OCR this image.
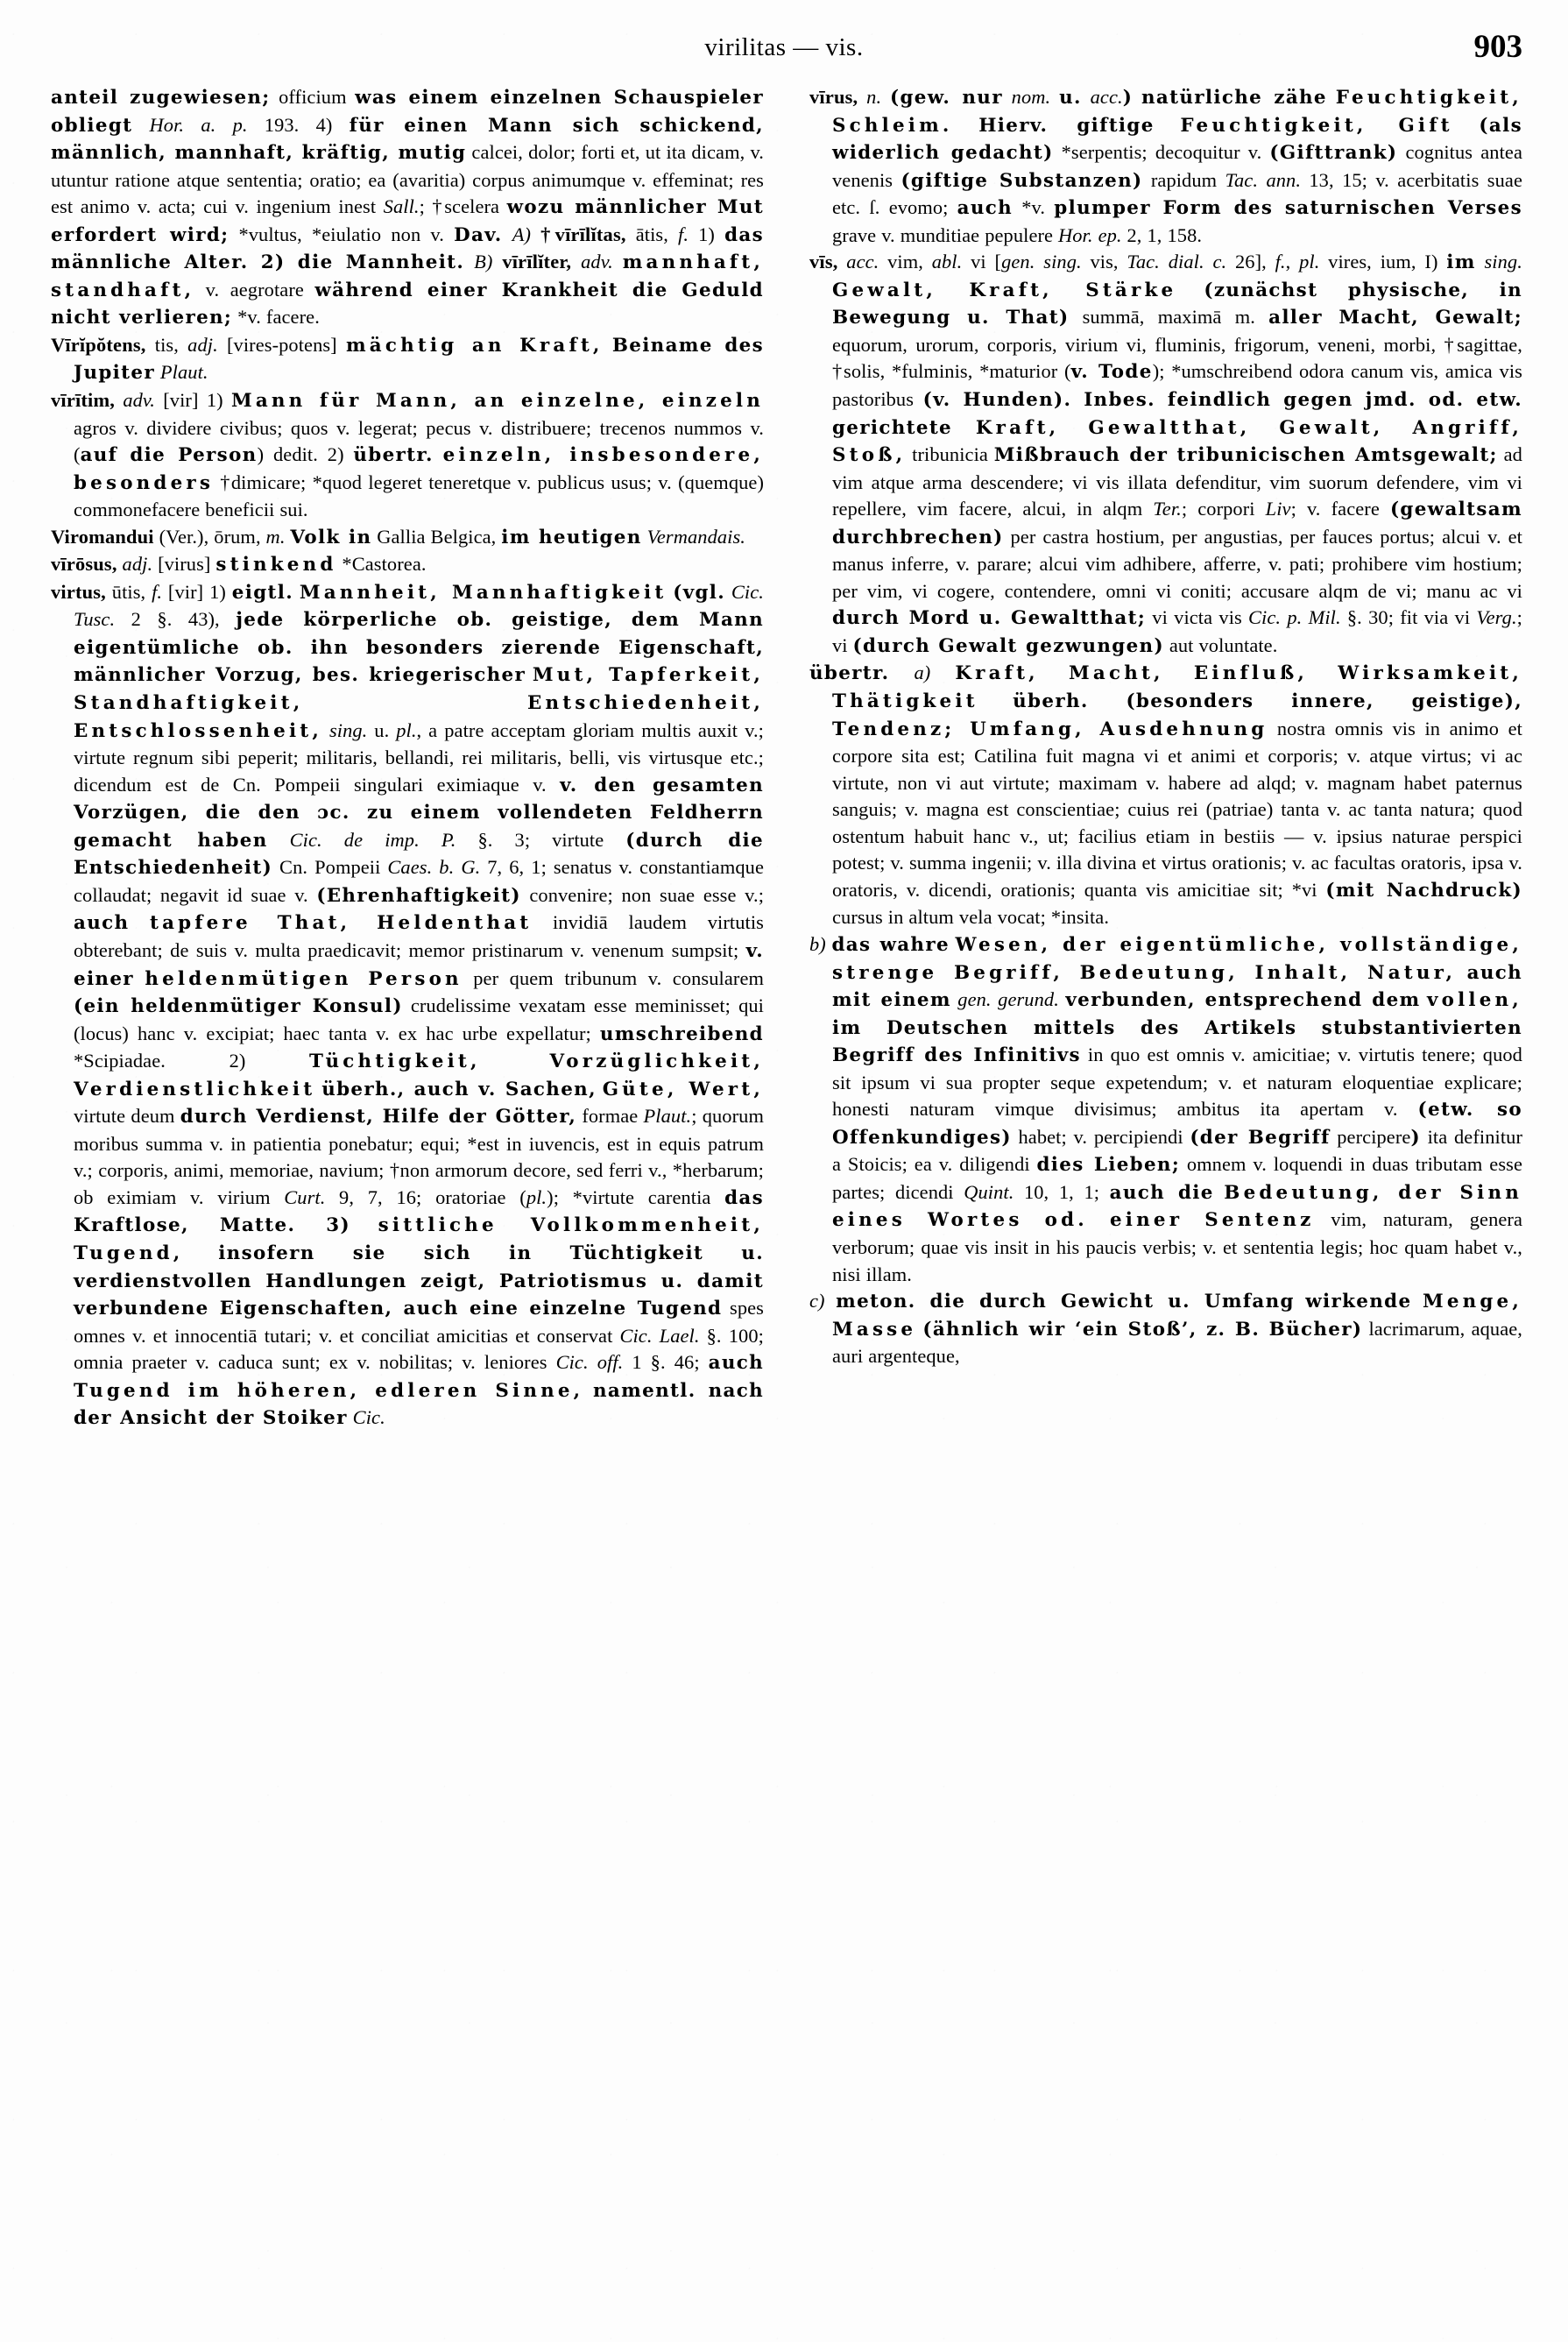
virilitas — vis.	903

anteil zugewiesen; officium was einem einzelnen Schauspieler obliegt Hor. a. p. 193. 4) für einen Mann sich schickend, männlich, mannhaft, kräftig, mutig calcei, dolor; forti et, ut ita dicam, v. utuntur ratione atque sententia; oratio; ea (avaritia) corpus animumque v. effeminat; res est animo v. acta; cui v. ingenium inest Sall.; †scelera wozu männlicher Mut erfordert wird; *vultus, *eiulatio non v. Dav. A) †vīrīlĭtas, ātis, f. 1) das männliche Alter. 2) die Mannheit. B) vīrīlĭter, adv. mannhaft, standhaft, v. aegrotare während einer Krankheit die Geduld nicht verlieren; *v. facere.

Vīrĭpŏtens, tis, adj. [vires-potens] mächtig an Kraft, Beiname des Jupiter Plaut.

vīrītim, adv. [vir] 1) Mann für Mann, an einzelne, einzeln agros v. dividere civibus; quos v. legerat; pecus v. distribuere; trecenos nummos v. (auf die Person) dedit. 2) übertr. einzeln, insbesondere, besonders †dimicare; *quod legeret teneretque v. publicus usus; v. (quemque) commonefacere beneficii sui.

Viromandui (Ver.), ōrum, m. Volk in Gallia Belgica, im heutigen Vermandais.

vīrōsus, adj. [virus] stinkend *Castorea.

virtus, ūtis, f. [vir] 1) eigtl. Mannheit, Mannhaftigkeit (vgl. Cic. Tusc. 2 §. 43), jede körperliche ob. geistige, dem Mann eigentümliche ob. ihn besonders zierende Eigenschaft, männlicher Vorzug, bes. kriegerischer Mut, Tapferkeit, Standhaftigkeit, Entschiedenheit, Entschlossenheit, sing. u. pl., a patre acceptam gloriam multis auxit v.; virtute regnum sibi peperit; militaris, bellandi, rei militaris, belli, vis virtusque etc.; dicendum est de Cn. Pompeii singulari eximiaque v. v. den gesamten Vorzügen, die den ɔc. zu einem vollendeten Feldherrn gemacht haben Cic. de imp. P. §. 3; virtute (durch die Entschiedenheit) Cn. Pompeii Caes. b. G. 7, 6, 1; senatus v. constantiamque collaudat; negavit id suae v. (Ehrenhaftigkeit) convenire; non suae esse v.; auch tapfere That, Heldenthat invidiā laudem virtutis obterebant; de suis v. multa praedicavit; memor pristinarum v. venenum sumpsit; v. einer heldenmütigen Person per quem tribunum v. consularem (ein heldenmütiger Konsul) crudelissime vexatam esse meminisset; qui (locus) hanc v. excipiat; haec tanta v. ex hac urbe expellatur; umschreibend *Scipiadae. 2)	Tüchtigkeit, Vorzüglichkeit, Verdienstlichkeit überh., auch v. Sachen, Güte, Wert, virtute deum durch Verdienst, Hilfe der Götter, formae Plaut.; quorum moribus summa v. in patientia ponebatur; equi; *est in iuvencis, est in equis patrum v.; corporis, animi, memoriae, navium; †non armorum decore, sed ferri v., *herbarum; ob eximiam v. virium Curt. 9, 7, 16; oratoriae (pl.); *virtute carentia das Kraftlose, Matte. 3) sittliche Vollkommenheit, Tugend, insofern sie sich in Tüchtigkeit u. verdienstvollen Handlungen zeigt, Patriotismus u. damit verbundene Eigenschaften, auch eine einzelne Tugend spes omnes v. et innocentiā tutari; v. et conciliat amicitias et conservat Cic. Lael. §. 100; omnia praeter v. caduca sunt; ex v. nobilitas; v. leniores Cic. off. 1 §. 46; auch Tugend im höheren, edleren Sinne, namentl. nach der Ansicht der Stoiker Cic.

vīrus, n. (gew. nur nom. u. acc.) natürliche zähe Feuchtigkeit, Schleim. Hierv. giftige Feuchtigkeit, Gift (als widerlich gedacht) *serpentis; decoquitur v. (Gifttrank) cognitus antea venenis (giftige Substanzen) rapidum Tac. ann. 13, 15; v. acerbitatis suae etc. ſ. evomo; auch *v. plumper Form des saturnischen Verses grave v. munditiae pepulere Hor. ep. 2, 1, 158.

vīs, acc. vim, abl. vi [gen. sing. vis, Tac. dial. c. 26], f., pl. vires, ium, I) im sing. Gewalt, Kraft, Stärke (zunächst physische, in Bewegung u. That) summā, maximā m. aller Macht, Gewalt; equorum, urorum, corporis, virium vi, fluminis, frigorum, veneni, morbi, †sagittae, †solis, *fulminis, *maturior (v. Tode); *umschreibend odora canum vis, amica vis pastoribus (v. Hunden). Inbes. feindlich gegen jmd. od. etw. gerichtete Kraft, Gewaltthat, Gewalt, Angriff, Stoß, tribunicia Mißbrauch der tribunicischen Amtsgewalt; ad vim atque arma descendere; vi vis illata defenditur, vim suorum defendere, vim vi repellere, vim facere, alcui, in alqm Ter.; corpori Liv; v. facere (gewaltsam durchbrechen) per castra hostium, per angustias, per fauces portus; alcui v. et manus inferre, v. parare; alcui vim adhibere, afferre, v. pati; prohibere vim hostium; per vim, vi cogere, contendere, omni vi coniti; accusare alqm de vi; manu ac vi durch Mord u. Gewaltthat; vi victa vis Cic. p. Mil. §. 30; fit via vi Verg.; vi (durch Gewalt gezwungen) aut voluntate.

übertr. a) Kraft, Macht, Einfluß, Wirksamkeit, Thätigkeit überh. (besonders innere, geistige), Tendenz; Umfang, Ausdehnung nostra omnis vis in animo et corpore sita est; Catilina fuit magna vi et animi et corporis; v. atque virtus; vi ac virtute, non vi aut virtute; maximam v. habere ad alqd; v. magnam habet paternus sanguis; v. magna est conscientiae; cuius rei (patriae) tanta v. ac tanta natura; quod ostentum habuit hanc v., ut; facilius etiam in bestiis — v. ipsius naturae perspici potest; v. summa ingenii; v. illa divina et virtus orationis; v. ac facultas oratoris, ipsa v. oratoris, v. dicendi, orationis; quanta vis amicitiae sit; *vi (mit Nachdruck) cursus in altum vela vocat; *insita.

b) das wahre Wesen, der eigentümliche, vollständige, strenge Begriff, Bedeutung, Inhalt, Natur, auch mit einem gen. gerund. verbunden, entsprechend dem vollen, im Deutschen mittels des Artikels stubstantivierten Begriff des Infinitivs in quo est omnis v. amicitiae; v. virtutis tenere; quod sit ipsum vi sua propter seque expetendum; v. et naturam eloquentiae explicare; honesti naturam vimque divisimus; ambitus ita apertam v. (etw. so Offenkundiges) habet; v. percipiendi (der Begriff percipere) ita definitur a Stoicis; ea v. diligendi dies Lieben; omnem v. loquendi in duas tributam esse partes; dicendi Quint. 10, 1, 1; auch die Bedeutung, der Sinn eines Wortes od. einer Sentenz vim, naturam, genera verborum; quae vis insit in his paucis verbis; v. et sententia legis; hoc quam habet v., nisi illam.

c) meton. die durch Gewicht u. Umfang wirkende Menge, Masse (ähnlich wir ‘ein Stoß’, z. B. Bücher) lacrimarum, aquae, auri argenteque,
